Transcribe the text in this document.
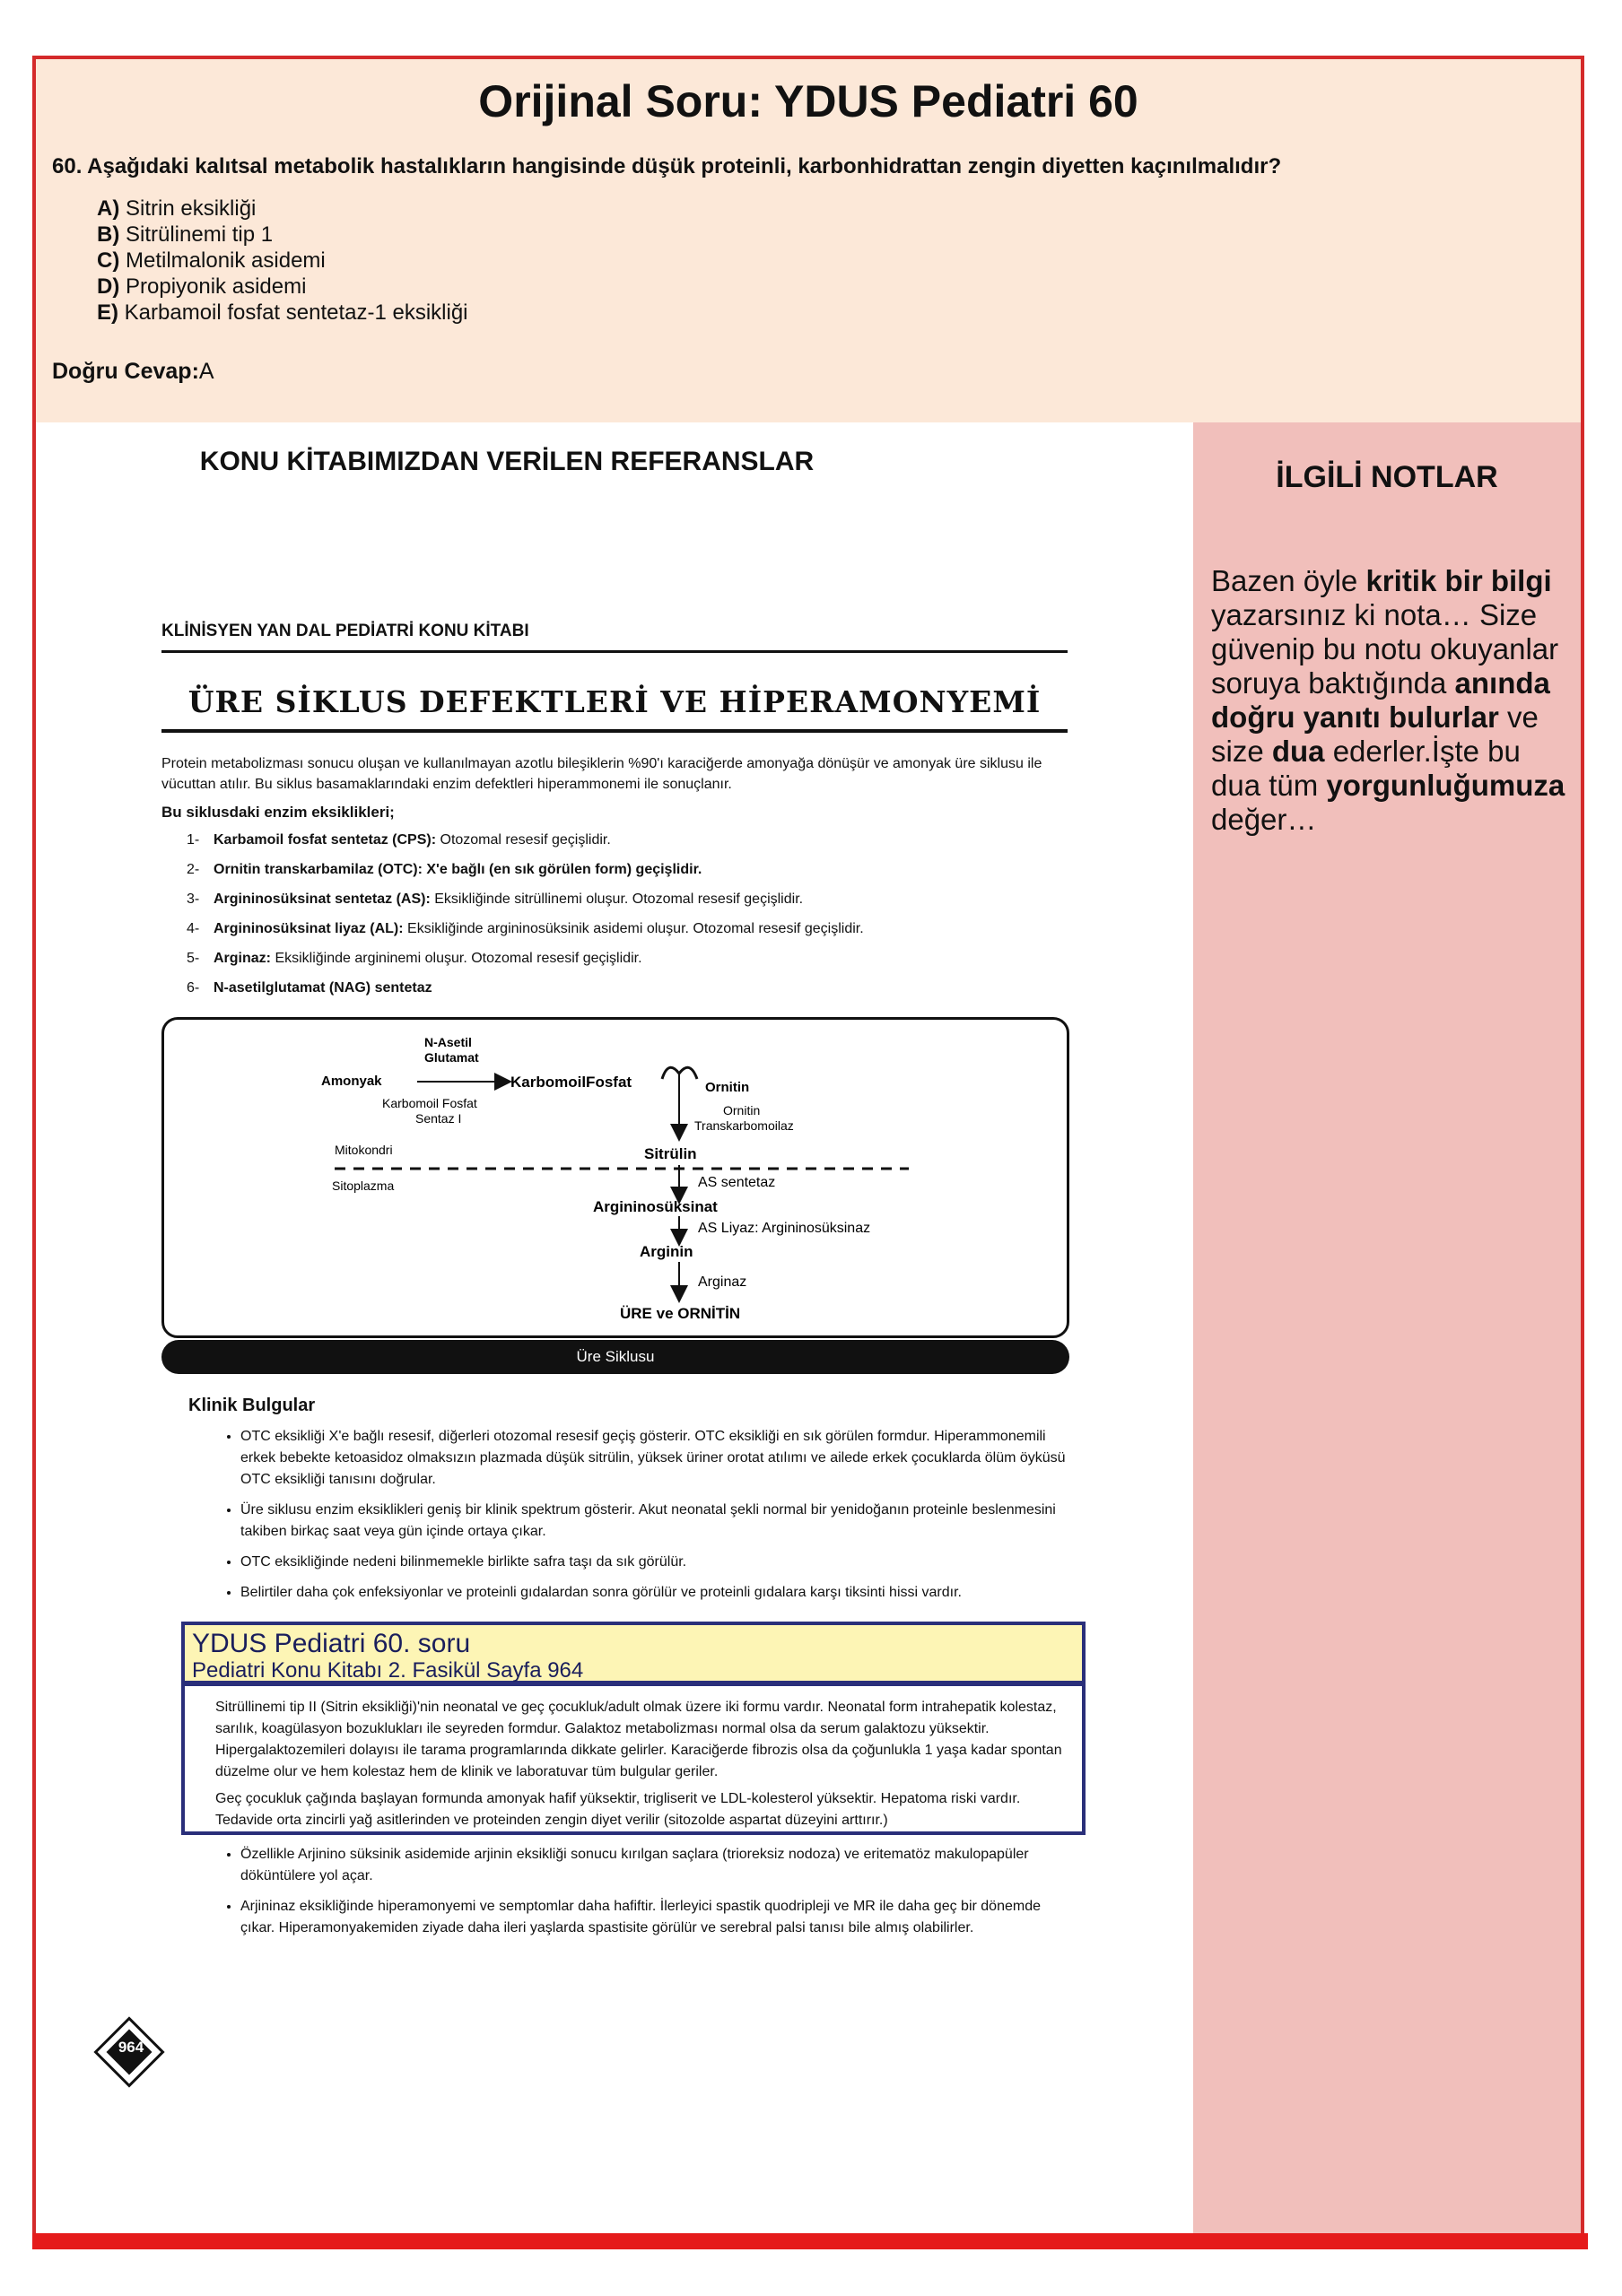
Orijinal Soru: YDUS Pediatri 60
60. Aşağıdaki kalıtsal metabolik hastalıkların hangisinde düşük proteinli, karbonhidrattan zengin diyetten kaçınılmalıdır?
A) Sitrin eksikliği
B) Sitrülinemi tip 1
C) Metilmalonik asidemi
D) Propiyonik asidemi
E) Karbamoil fosfat sentetaz-1 eksikliği
Doğru Cevap:A
KONU KİTABIMIZDAN VERİLEN REFERANSLAR
KLİNİSYEN YAN DAL PEDİATRİ KONU KİTABI
ÜRE SİKLUS DEFEKTLERİ VE HİPERAMONYEMİ
Protein metabolizması sonucu oluşan ve kullanılmayan azotlu bileşiklerin %90'ı karaciğerde amonyağa dönüşür ve amonyak üre siklusu ile vücuttan atılır. Bu siklus basamaklarındaki enzim defektleri hiperammonemi ile sonuçlanır.
Bu siklusdaki enzim eksiklikleri;
1- Karbamoil fosfat sentetaz (CPS): Otozomal resesif geçişlidir.
2- Ornitin transkarbamilaz (OTC): X'e bağlı (en sık görülen form) geçişlidir.
3- Argininosüksinat sentetaz (AS): Eksikliğinde sitrüllinemi oluşur. Otozomal resesif geçişlidir.
4- Argininosüksinat liyaz (AL): Eksikliğinde argininosüksinik asidemi oluşur. Otozomal resesif geçişlidir.
5- Arginaz: Eksikliğinde argininemi oluşur. Otozomal resesif geçişlidir.
6- N-asetilglutamat (NAG) sentetaz
N-Asetil
Glutamat
Amonyak	KarbomoilFosfat	Ornitin
Karbomoil Fosfat
Sentaz I
Ornitin
Transkarbomoilaz
Mitokondri	Sitrülin
Sitoplazma	AS sentetaz
Argininosüksinat
AS Liyaz: Argininosüksinaz
Arginin
Arginaz
ÜRE ve ORNİTİN
Üre Siklusu
Klinik Bulgular
• OTC eksikliği X'e bağlı resesif, diğerleri otozomal resesif geçiş gösterir. OTC eksikliği en sık görülen formdur. Hiperammonemili erkek bebekte ketoasidoz olmaksızın plazmada düşük sitrülin, yüksek üriner orotat atılımı ve ailede erkek çocuklarda ölüm öyküsü OTC eksikliği tanısını doğrular.
• Üre siklusu enzim eksiklikleri geniş bir klinik spektrum gösterir. Akut neonatal şekli normal bir yenidoğanın proteinle beslenmesini takiben birkaç saat veya gün içinde ortaya çıkar.
• OTC eksikliğinde nedeni bilinmemekle birlikte safra taşı da sık görülür.
• Belirtiler daha çok enfeksiyonlar ve proteinli gıdalardan sonra görülür ve proteinli gıdalara karşı tiksinti hissi vardır.
YDUS Pediatri 60. soru
Pediatri Konu Kitabı 2. Fasikül Sayfa 964

Sitrüllinemi tip II (Sitrin eksikliği)'nin neonatal ve geç çocukluk/adult olmak üzere iki formu vardır. Neonatal form intrahepatik kolestaz, sarılık, koagülasyon bozuklukları ile seyreden formdur. Galaktoz metabolizması normal olsa da serum galaktozu yüksektir. Hipergalaktozemileri dolayısı ile tarama programlarında dikkate gelirler. Karaciğerde fibrozis olsa da çoğunlukla 1 yaşa kadar spontan düzelme olur ve hem kolestaz hem de klinik ve laboratuvar tüm bulgular geriler.

Geç çocukluk çağında başlayan formunda amonyak hafif yüksektir, trigliserit ve LDL-kolesterol yüksektir. Hepatoma riski vardır. Tedavide orta zincirli yağ asitlerinden ve proteinden zengin diyet verilir (sitozolde aspartat düzeyini arttırır.)

• Özellikle Arjinino süksinik asidemide arjinin eksikliği sonucu kırılgan saçlara (trioreksiz nodoza) ve eritematöz makulopapüler döküntülere yol açar.
• Arjininaz eksikliğinde hiperamonyemi ve semptomlar daha hafiftir. İlerleyici spastik quodripleji ve MR ile daha geç bir dönemde çıkar. Hiperamonyakemiden ziyade daha ileri yaşlarda spastisite görülür ve serebral palsi tanısı bile almış olabilirler.
964
İLGİLİ NOTLAR
Bazen öyle kritik bir bilgi yazarsınız ki nota… Size güvenip bu notu okuyanlar soruya baktığında anında doğru yanıtı bulurlar ve size dua ederler.İşte bu dua tüm yorgunluğumuza değer…
